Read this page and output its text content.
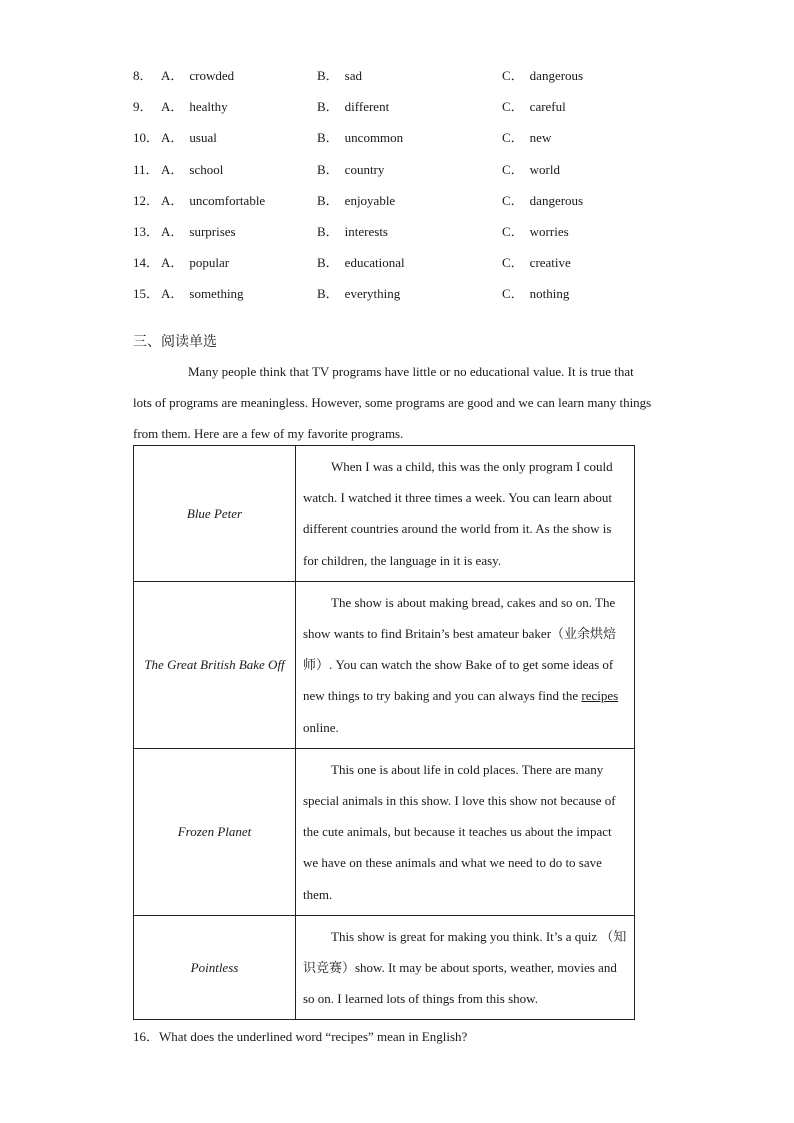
8． A． crowded	B． sad	C． dangerous
9． A． healthy	B． different	C． careful
10． A． usual	B． uncommon	C． new
11． A． school	B． country	C． world
12． A． uncomfortable	B． enjoyable	C． dangerous
13． A． surprises	B． interests	C． worries
14． A． popular	B． educational	C． creative
15． A． something	B． everything	C． nothing
三、阅读单选

Many people think that TV programs have little or no educational value. It is true that lots of programs are meaningless. However, some programs are good and we can learn many things from them. Here are a few of my favorite programs.

Blue Peter	When I was a child, this was the only program I could watch. I watched it three times a week. You can learn about different countries around the world from it. As the show is for children, the language in it is easy.

The Great British Bake Off	The show is about making bread, cakes and so on. The show wants to find Britain’s best amateur baker（业余烘焙师）. You can watch the show Bake of to get some ideas of new things to try baking and you can always find the recipes online.

Frozen Planet	This one is about life in cold places. There are many special animals in this show. I love this show not because of the cute animals, but because it teaches us about the impact we have on these animals and what we need to do to save them.

Pointless	This show is great for making you think. It’s a quiz （知识竞赛）show. It may be about sports, weather, movies and so on. I learned lots of things from this show.

16．What does the underlined word “recipes” mean in English?
